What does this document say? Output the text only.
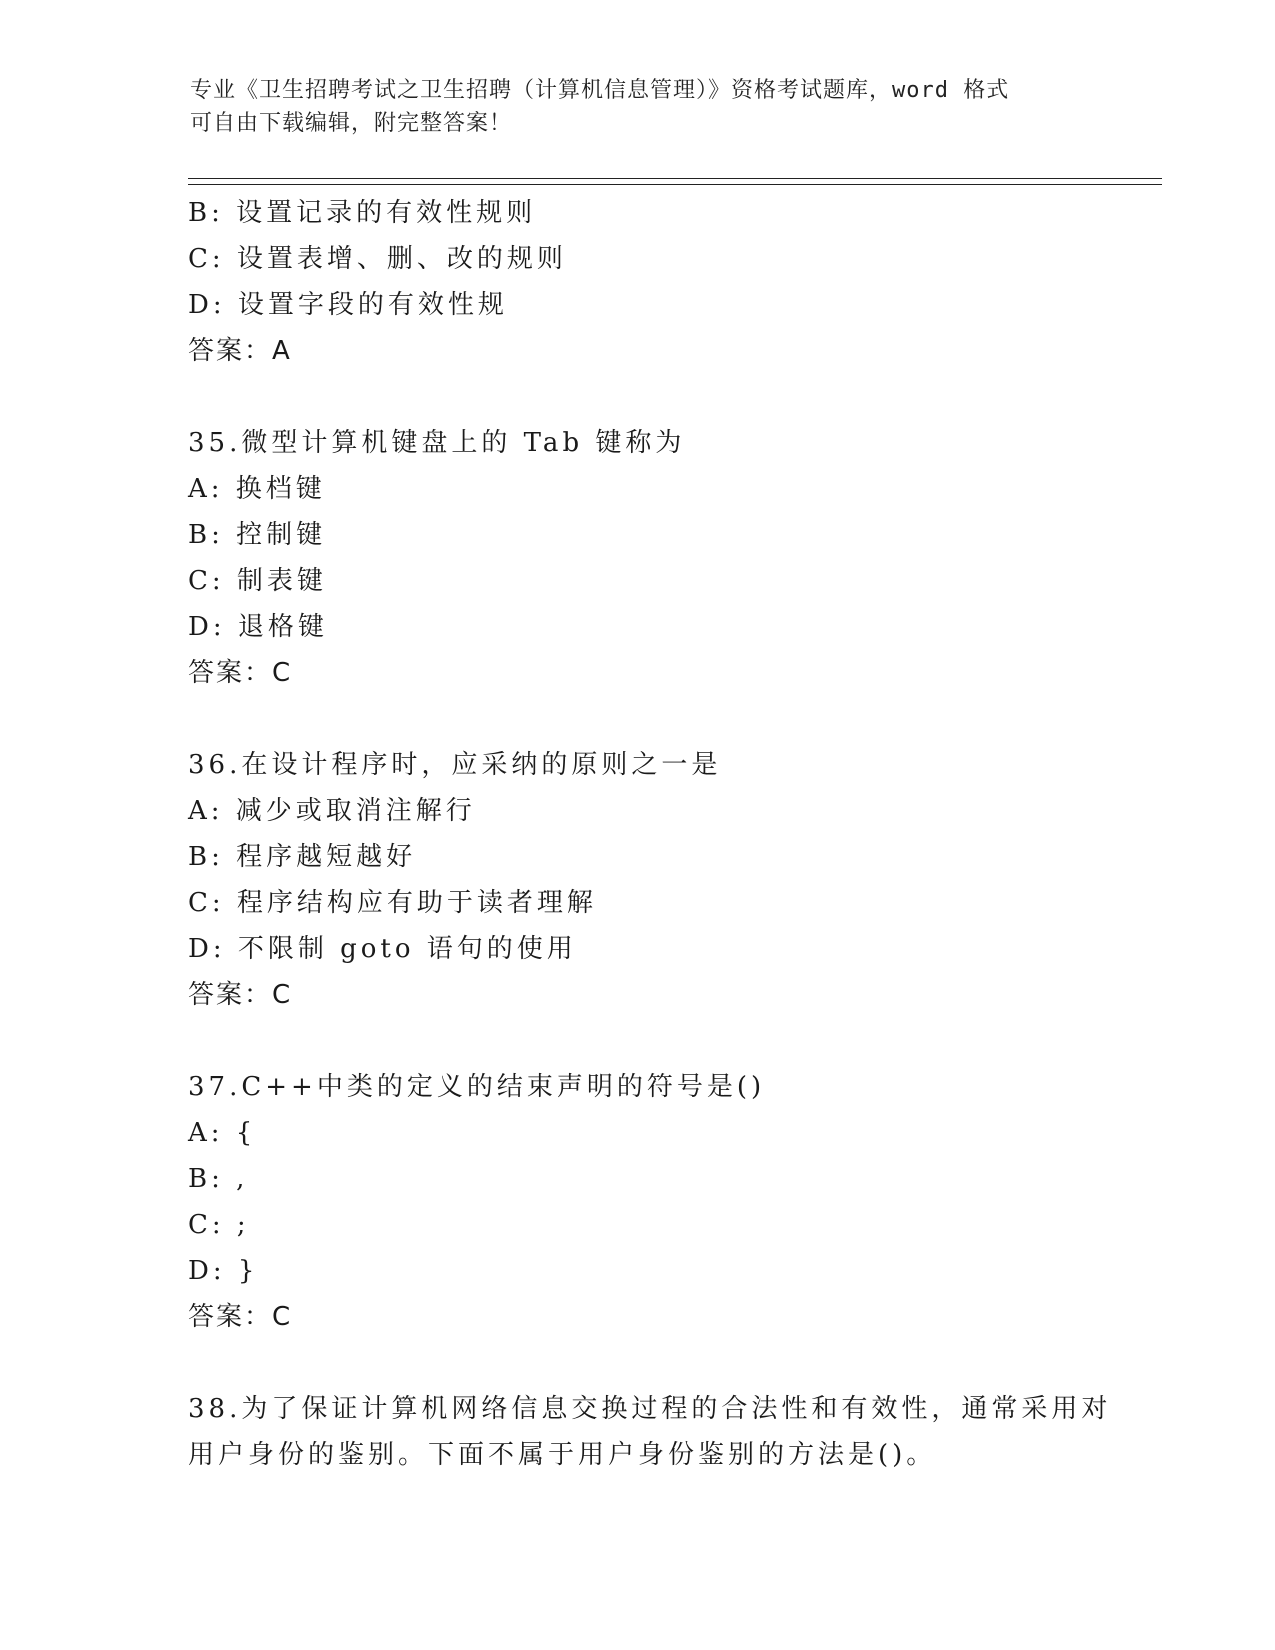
专业《卫生招聘考试之卫生招聘（计算机信息管理）》资格考试题库，word 格式
可自由下载编辑，附完整答案！
B: 设置记录的有效性规则
C: 设置表增、删、改的规则
D: 设置字段的有效性规
答案：A
35.微型计算机键盘上的 Tab 键称为
A: 换档键
B: 控制键
C: 制表键
D: 退格键
答案：C
36.在设计程序时，应采纳的原则之一是
A: 减少或取消注解行
B: 程序越短越好
C: 程序结构应有助于读者理解
D: 不限制 goto 语句的使用
答案：C
37.C++中类的定义的结束声明的符号是()
A: {
B: ,
C: ;
D: }
答案：C
38.为了保证计算机网络信息交换过程的合法性和有效性，通常采用对
用户身份的鉴别。下面不属于用户身份鉴别的方法是()。
